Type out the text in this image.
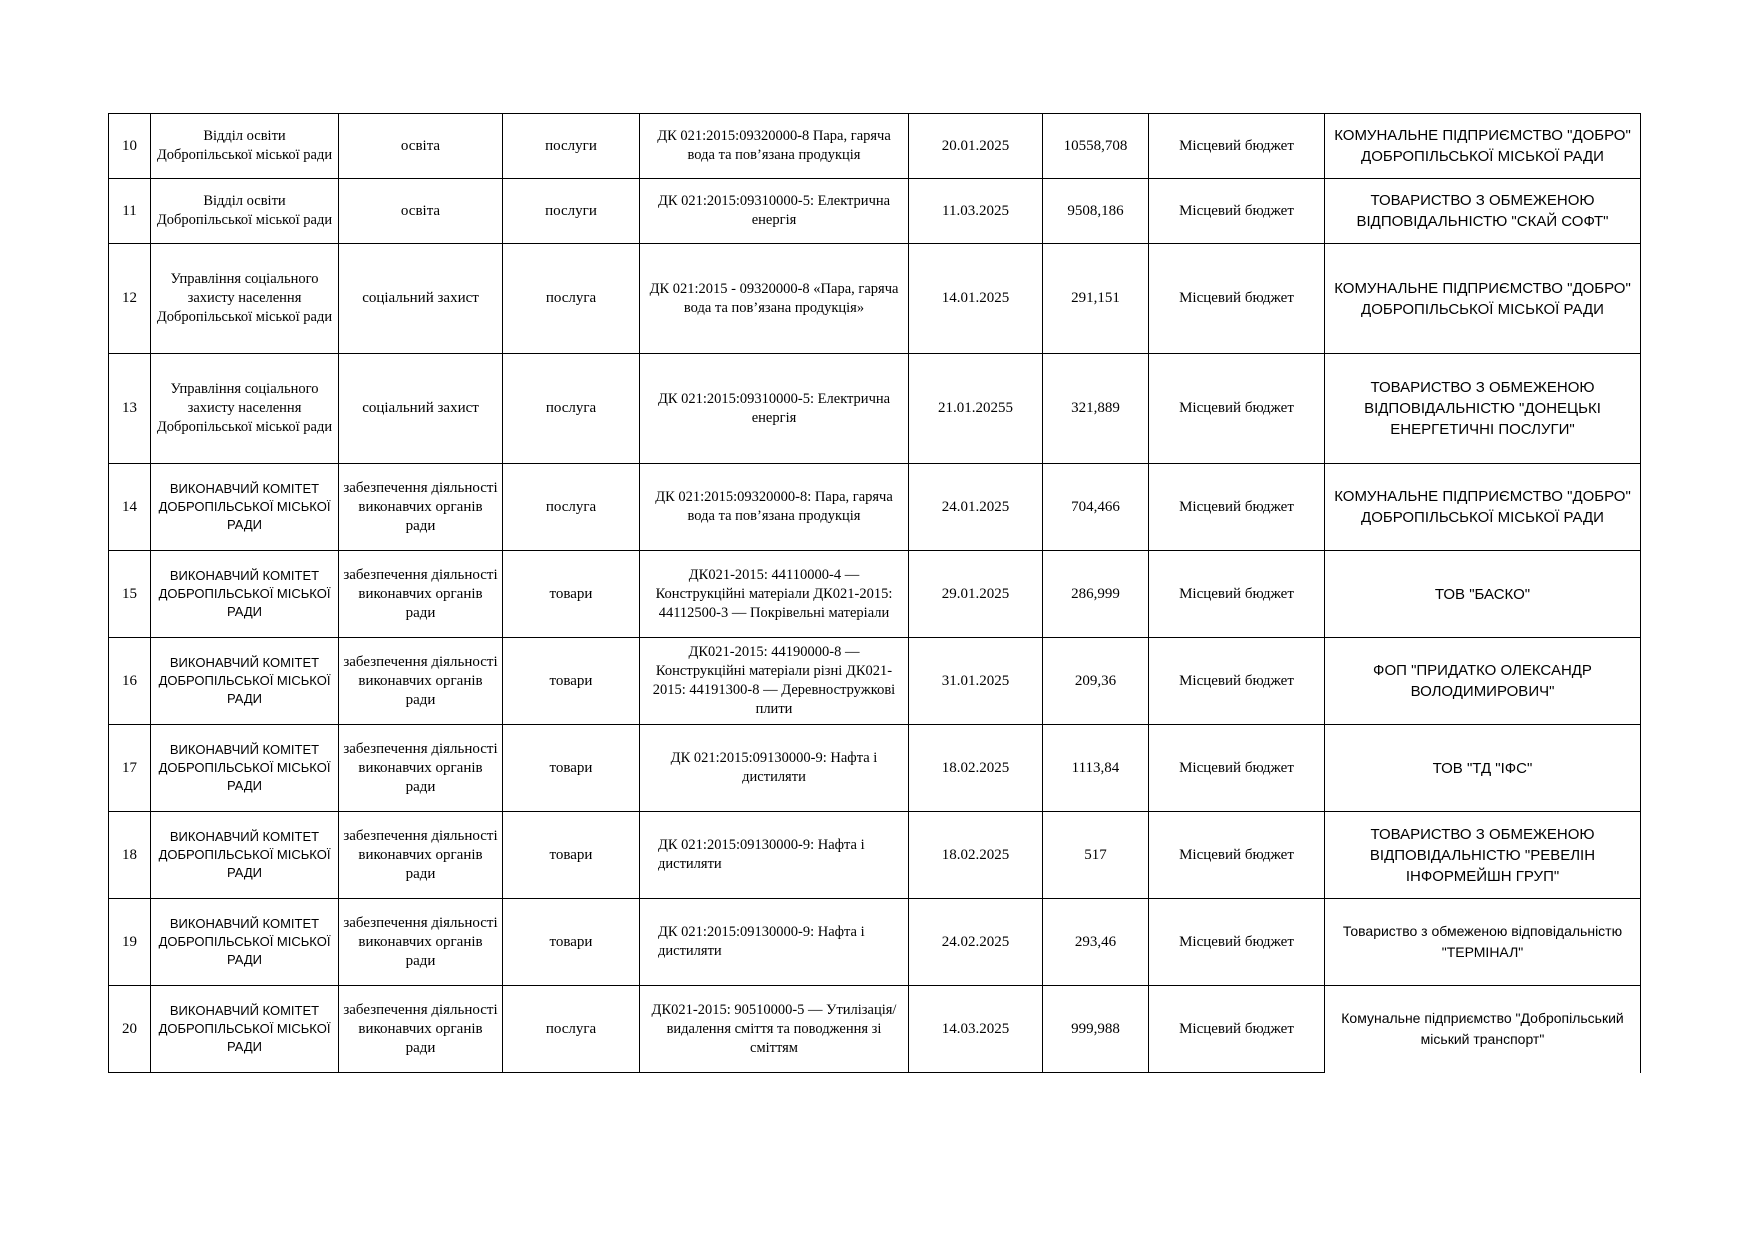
10	Відділ освіти Добропільської міської ради	освіта	послуги	ДК 021:2015:09320000-8 Пара, гаряча вода та пов’язана продукція	20.01.2025	10558,708	Місцевий бюджет	КОМУНАЛЬНЕ ПІДПРИЄМСТВО "ДОБРО" ДОБРОПІЛЬСЬКОЇ МІСЬКОЇ РАДИ
11	Відділ освіти Добропільської міської ради	освіта	послуги	ДК 021:2015:09310000-5: Електрична енергія	11.03.2025	9508,186	Місцевий бюджет	ТОВАРИСТВО З ОБМЕЖЕНОЮ ВІДПОВІДАЛЬНІСТЮ "СКАЙ СОФТ"
12	Управління соціального захисту населення Добропільської міської ради	соціальний захист	послуга	ДК 021:2015 - 09320000-8 «Пара, гаряча вода та пов’язана продукція»	14.01.2025	291,151	Місцевий бюджет	КОМУНАЛЬНЕ ПІДПРИЄМСТВО "ДОБРО" ДОБРОПІЛЬСЬКОЇ МІСЬКОЇ РАДИ
13	Управління соціального захисту населення Добропільської міської ради	соціальний захист	послуга	ДК 021:2015:09310000-5: Електрична енергія	21.01.20255	321,889	Місцевий бюджет	ТОВАРИСТВО З ОБМЕЖЕНОЮ ВІДПОВІДАЛЬНІСТЮ "ДОНЕЦЬКІ ЕНЕРГЕТИЧНІ ПОСЛУГИ"
14	ВИКОНАВЧИЙ КОМІТЕТ ДОБРОПІЛЬСЬКОЇ МІСЬКОЇ РАДИ	забезпечення діяльності виконавчих органів ради	послуга	ДК 021:2015:09320000-8: Пара, гаряча вода та пов’язана продукція	24.01.2025	704,466	Місцевий бюджет	КОМУНАЛЬНЕ ПІДПРИЄМСТВО "ДОБРО" ДОБРОПІЛЬСЬКОЇ МІСЬКОЇ РАДИ
15	ВИКОНАВЧИЙ КОМІТЕТ ДОБРОПІЛЬСЬКОЇ МІСЬКОЇ РАДИ	забезпечення діяльності виконавчих органів ради	товари	ДК021-2015: 44110000-4 — Конструкційні матеріали ДК021-2015: 44112500-3 — Покрівельні матеріали	29.01.2025	286,999	Місцевий бюджет	ТОВ "БАСКО"
16	ВИКОНАВЧИЙ КОМІТЕТ ДОБРОПІЛЬСЬКОЇ МІСЬКОЇ РАДИ	забезпечення діяльності виконавчих органів ради	товари	ДК021-2015: 44190000-8 — Конструкційні матеріали різні ДК021-2015: 44191300-8 — Деревностружкові плити	31.01.2025	209,36	Місцевий бюджет	ФОП "ПРИДАТКО ОЛЕКСАНДР ВОЛОДИМИРОВИЧ"
17	ВИКОНАВЧИЙ КОМІТЕТ ДОБРОПІЛЬСЬКОЇ МІСЬКОЇ РАДИ	забезпечення діяльності виконавчих органів ради	товари	ДК 021:2015:09130000-9: Нафта і дистиляти	18.02.2025	1113,84	Місцевий бюджет	ТОВ "ТД "ІФС"
18	ВИКОНАВЧИЙ КОМІТЕТ ДОБРОПІЛЬСЬКОЇ МІСЬКОЇ РАДИ	забезпечення діяльності виконавчих органів ради	товари	ДК 021:2015:09130000-9: Нафта і дистиляти	18.02.2025	517	Місцевий бюджет	ТОВАРИСТВО З ОБМЕЖЕНОЮ ВІДПОВІДАЛЬНІСТЮ "РЕВЕЛІН ІНФОРМЕЙШН ГРУП"
19	ВИКОНАВЧИЙ КОМІТЕТ ДОБРОПІЛЬСЬКОЇ МІСЬКОЇ РАДИ	забезпечення діяльності виконавчих органів ради	товари	ДК 021:2015:09130000-9: Нафта і дистиляти	24.02.2025	293,46	Місцевий бюджет	Товариство з обмеженою відповідальністю "ТЕРМІНАЛ"
20	ВИКОНАВЧИЙ КОМІТЕТ ДОБРОПІЛЬСЬКОЇ МІСЬКОЇ РАДИ	забезпечення діяльності виконавчих органів ради	послуга	ДК021-2015: 90510000-5 — Утилізація/видалення сміття та поводження зі сміттям	14.03.2025	999,988	Місцевий бюджет	Комунальне підприємство "Добропільський міський транспорт"
